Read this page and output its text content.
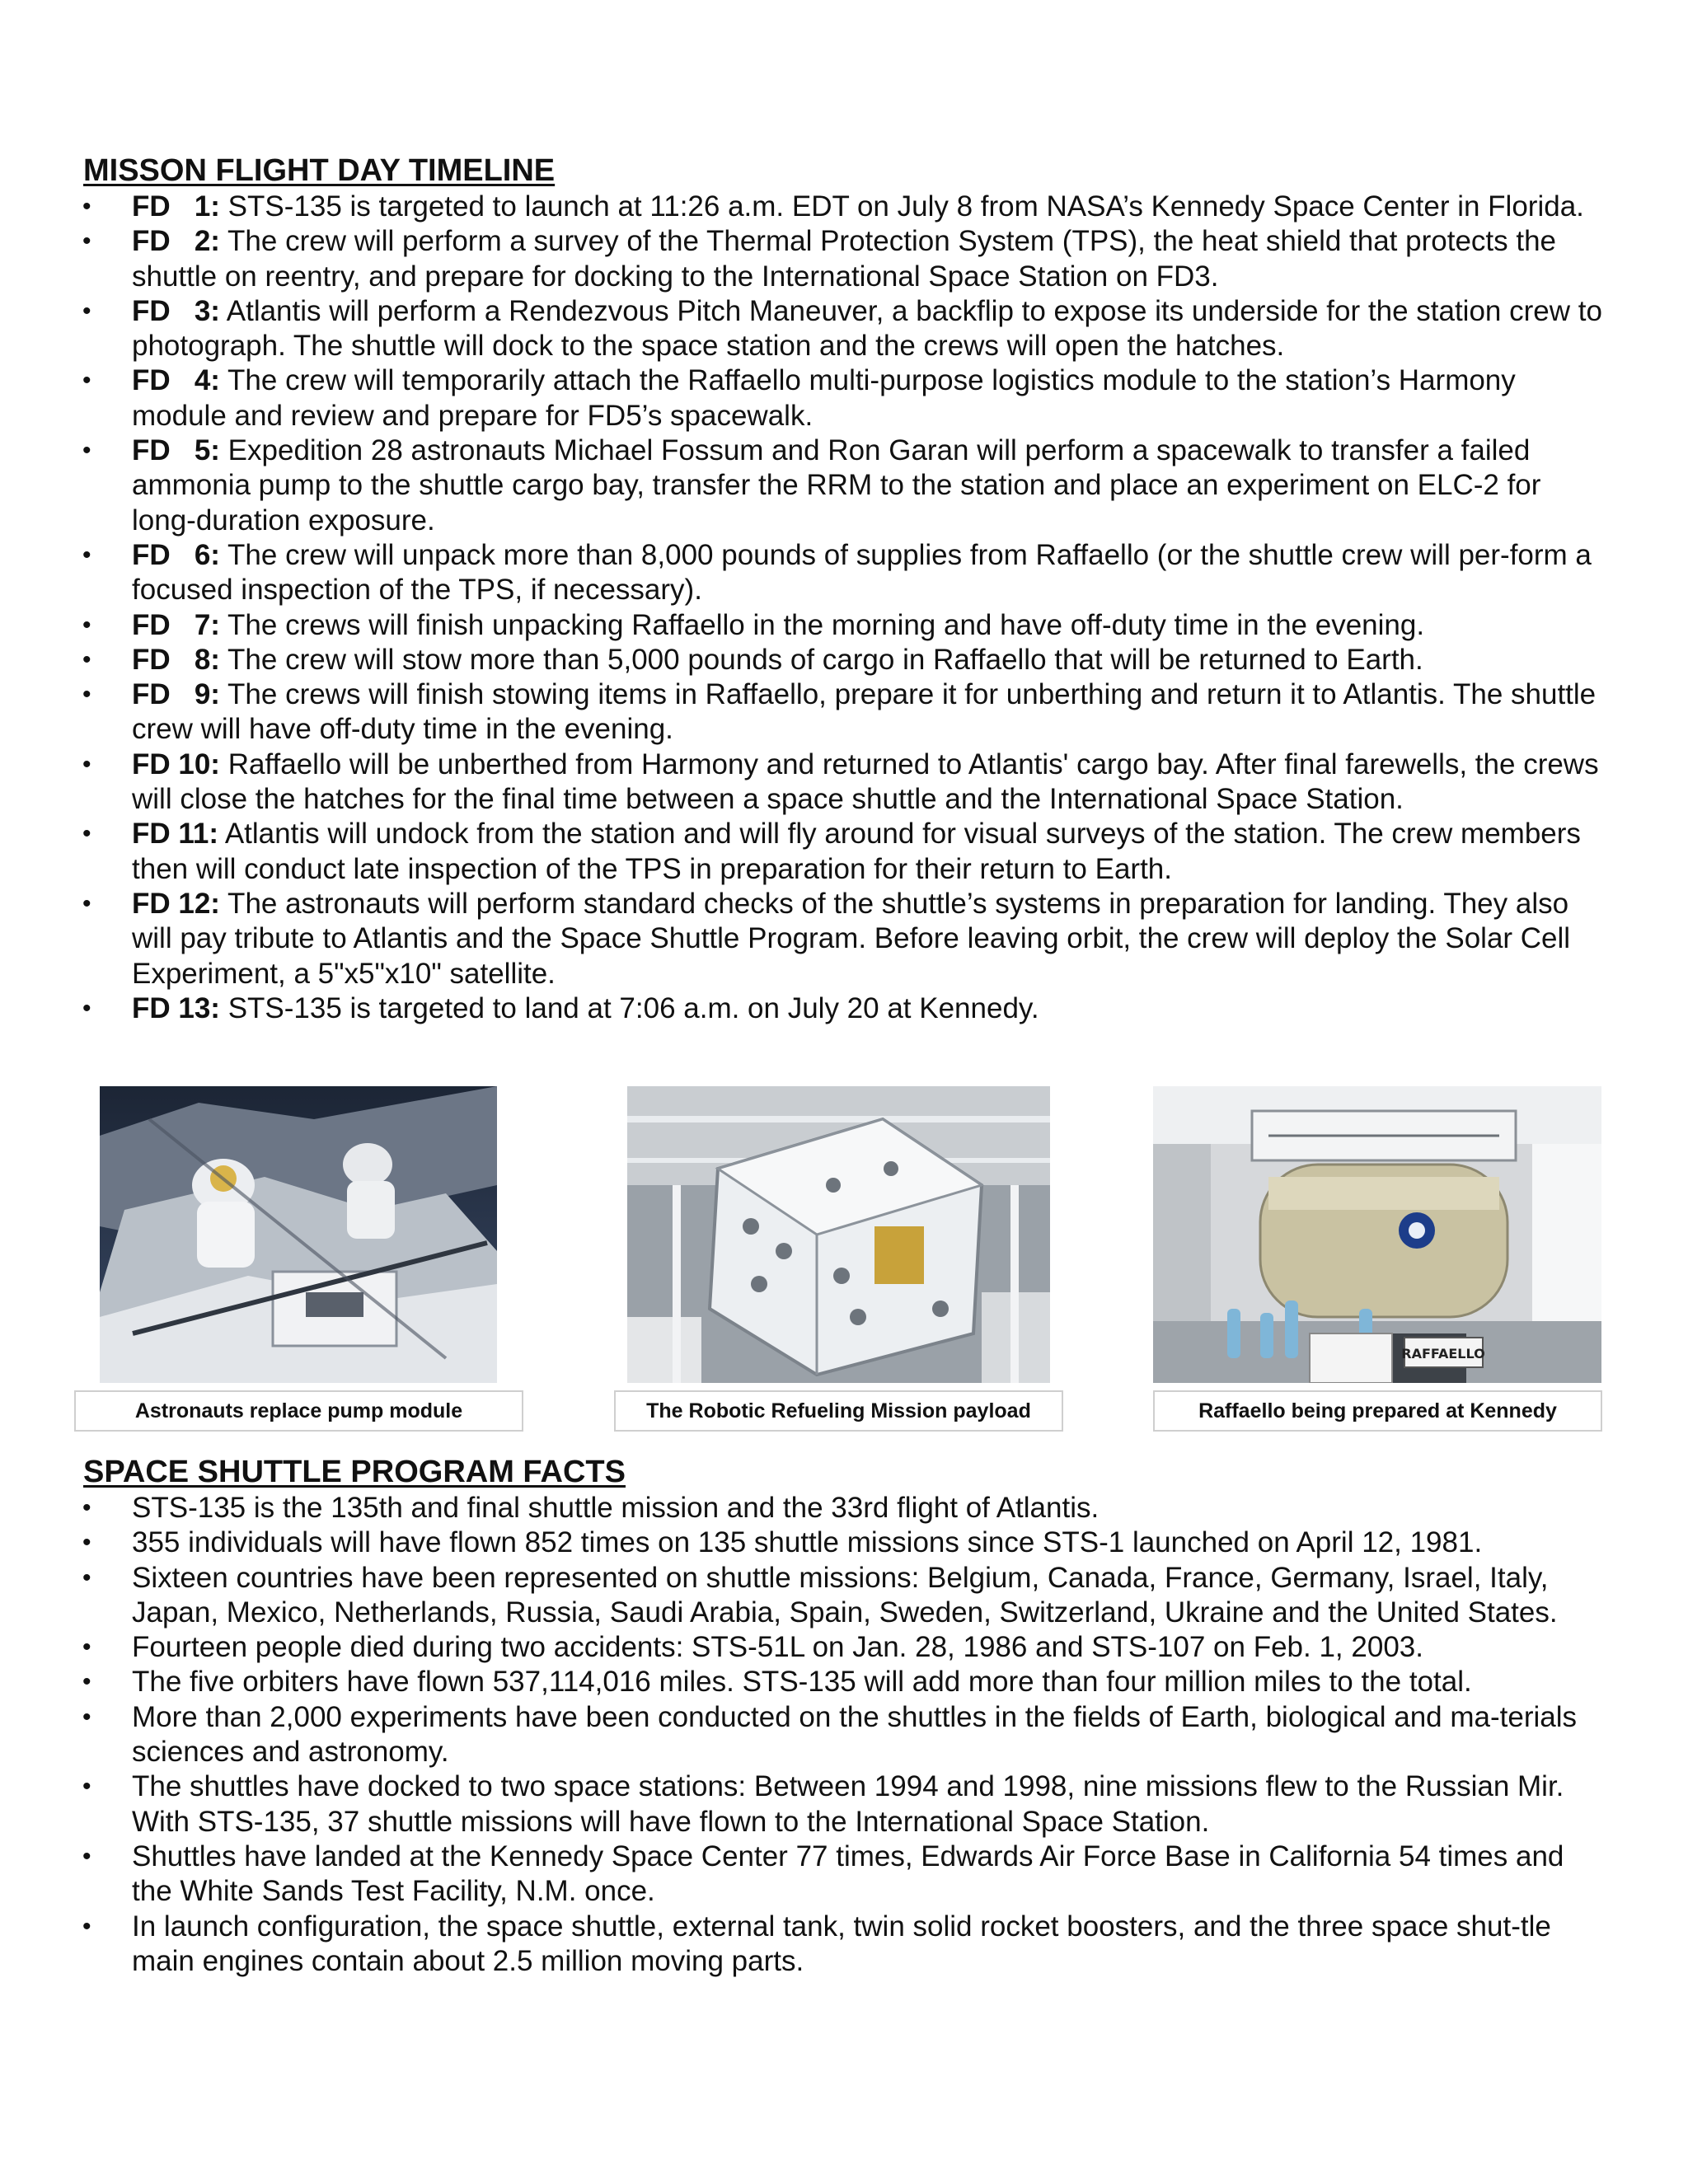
MISSON FLIGHT DAY TIMELINE
• FD   1: STS-135 is targeted to launch at 11:26 a.m. EDT on July 8 from NASA’s Kennedy Space Center in Florida.
• FD   2: The crew will perform a survey of the Thermal Protection System (TPS), the heat shield that protects the shuttle on reentry, and prepare for docking to the International Space Station on FD3.
• FD   3: Atlantis will perform a Rendezvous Pitch Maneuver, a backflip to expose its underside for the station crew to photograph. The shuttle will dock to the space station and the crews will open the hatches.
• FD   4: The crew will temporarily attach the Raffaello multi-purpose logistics module to the station’s Harmony module and review and prepare for FD5’s spacewalk.
• FD   5: Expedition 28 astronauts Michael Fossum and Ron Garan will perform a spacewalk to transfer a failed ammonia pump to the shuttle cargo bay, transfer the RRM to the station and place an experiment on ELC-2 for long-duration exposure.
• FD   6: The crew will unpack more than 8,000 pounds of supplies from Raffaello (or the shuttle crew will per-form a focused inspection of the TPS, if necessary).
• FD   7: The crews will finish unpacking Raffaello in the morning and have off-duty time in the evening.
• FD   8: The crew will stow more than 5,000 pounds of cargo in Raffaello that will be returned to Earth.
• FD   9: The crews will finish stowing items in Raffaello, prepare it for unberthing and return it to Atlantis. The shuttle crew will have off-duty time in the evening.
• FD 10: Raffaello will be unberthed from Harmony and returned to Atlantis' cargo bay. After final farewells, the crews will close the hatches for the final time between a space shuttle and the International Space Station.
• FD 11: Atlantis will undock from the station and will fly around for visual surveys of the station. The crew members then will conduct late inspection of the TPS in preparation for their return to Earth.
• FD 12: The astronauts will perform standard checks of the shuttle’s systems in preparation for landing. They also will pay tribute to Atlantis and the Space Shuttle Program. Before leaving orbit, the crew will deploy the Solar Cell Experiment, a 5"x5"x10" satellite.
• FD 13: STS-135 is targeted to land at 7:06 a.m. on July 20 at Kennedy.
Astronauts replace pump module	The Robotic Refueling Mission payload
RAFFAELLO
Raffaello being prepared at Kennedy
SPACE SHUTTLE PROGRAM FACTS
• STS-135 is the 135th and final shuttle mission and the 33rd flight of Atlantis.
• 355 individuals will have flown 852 times on 135 shuttle missions since STS-1 launched on April 12, 1981.
• Sixteen countries have been represented on shuttle missions: Belgium, Canada, France, Germany, Israel, Italy, Japan, Mexico, Netherlands, Russia, Saudi Arabia, Spain, Sweden, Switzerland, Ukraine and the United States.
• Fourteen people died during two accidents: STS-51L on Jan. 28, 1986 and STS-107 on Feb. 1, 2003.
• The five orbiters have flown 537,114,016 miles. STS-135 will add more than four million miles to the total.
• More than 2,000 experiments have been conducted on the shuttles in the fields of Earth, biological and ma-terials sciences and astronomy.
• The shuttles have docked to two space stations: Between 1994 and 1998, nine missions flew to the Russian Mir. With STS-135, 37 shuttle missions will have flown to the International Space Station.
• Shuttles have landed at the Kennedy Space Center 77 times, Edwards Air Force Base in California 54 times and the White Sands Test Facility, N.M. once.
• In launch configuration, the space shuttle, external tank, twin solid rocket boosters, and the three space shut-tle main engines contain about 2.5 million moving parts.
